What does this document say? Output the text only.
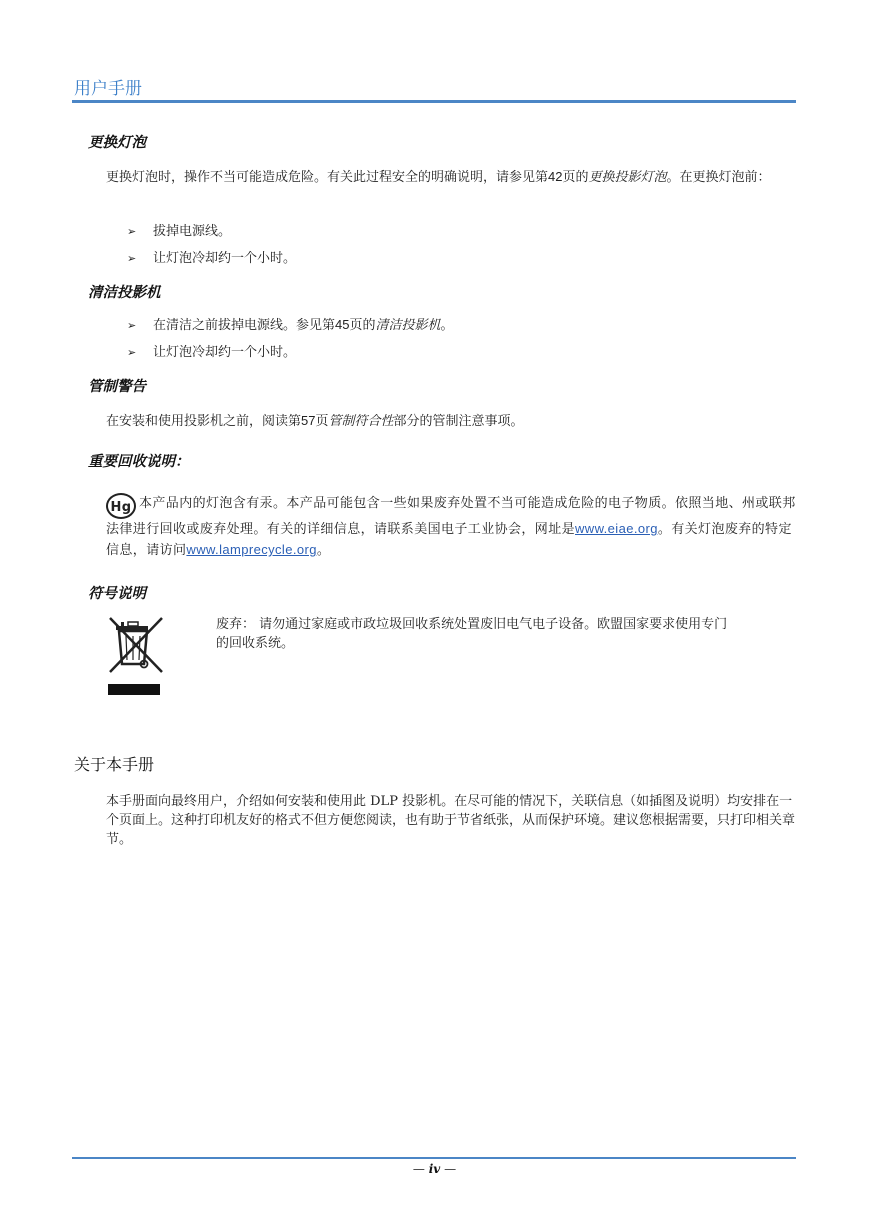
用户手册
更换灯泡
更换灯泡时，操作不当可能造成危险。有关此过程安全的明确说明，请参见第42页的更换投影灯泡。在更换灯泡前：
➢ 拔掉电源线。
➢ 让灯泡冷却约一个小时。
清洁投影机
➢ 在清洁之前拔掉电源线。参见第45页的清洁投影机。
➢ 让灯泡冷却约一个小时。
管制警告
在安装和使用投影机之前，阅读第57页管制符合性部分的管制注意事项。
重要回收说明：
Hg 本产品内的灯泡含有汞。本产品可能包含一些如果废弃处置不当可能造成危险的电子物质。依照当地、州或联邦法律进行回收或废弃处理。有关的详细信息，请联系美国电子工业协会，网址是www.eiae.org。有关灯泡废弃的特定信息，请访问www.lamprecycle.org。
符号说明
废弃： 请勿通过家庭或市政垃圾回收系统处置废旧电气电子设备。欧盟国家要求使用专门的回收系统。
关于本手册
本手册面向最终用户，介绍如何安装和使用此 DLP 投影机。在尽可能的情况下，关联信息（如插图及说明）均安排在一个页面上。这种打印机友好的格式不但方便您阅读，也有助于节省纸张，从而保护环境。建议您根据需要，只打印相关章节。
— iv —
